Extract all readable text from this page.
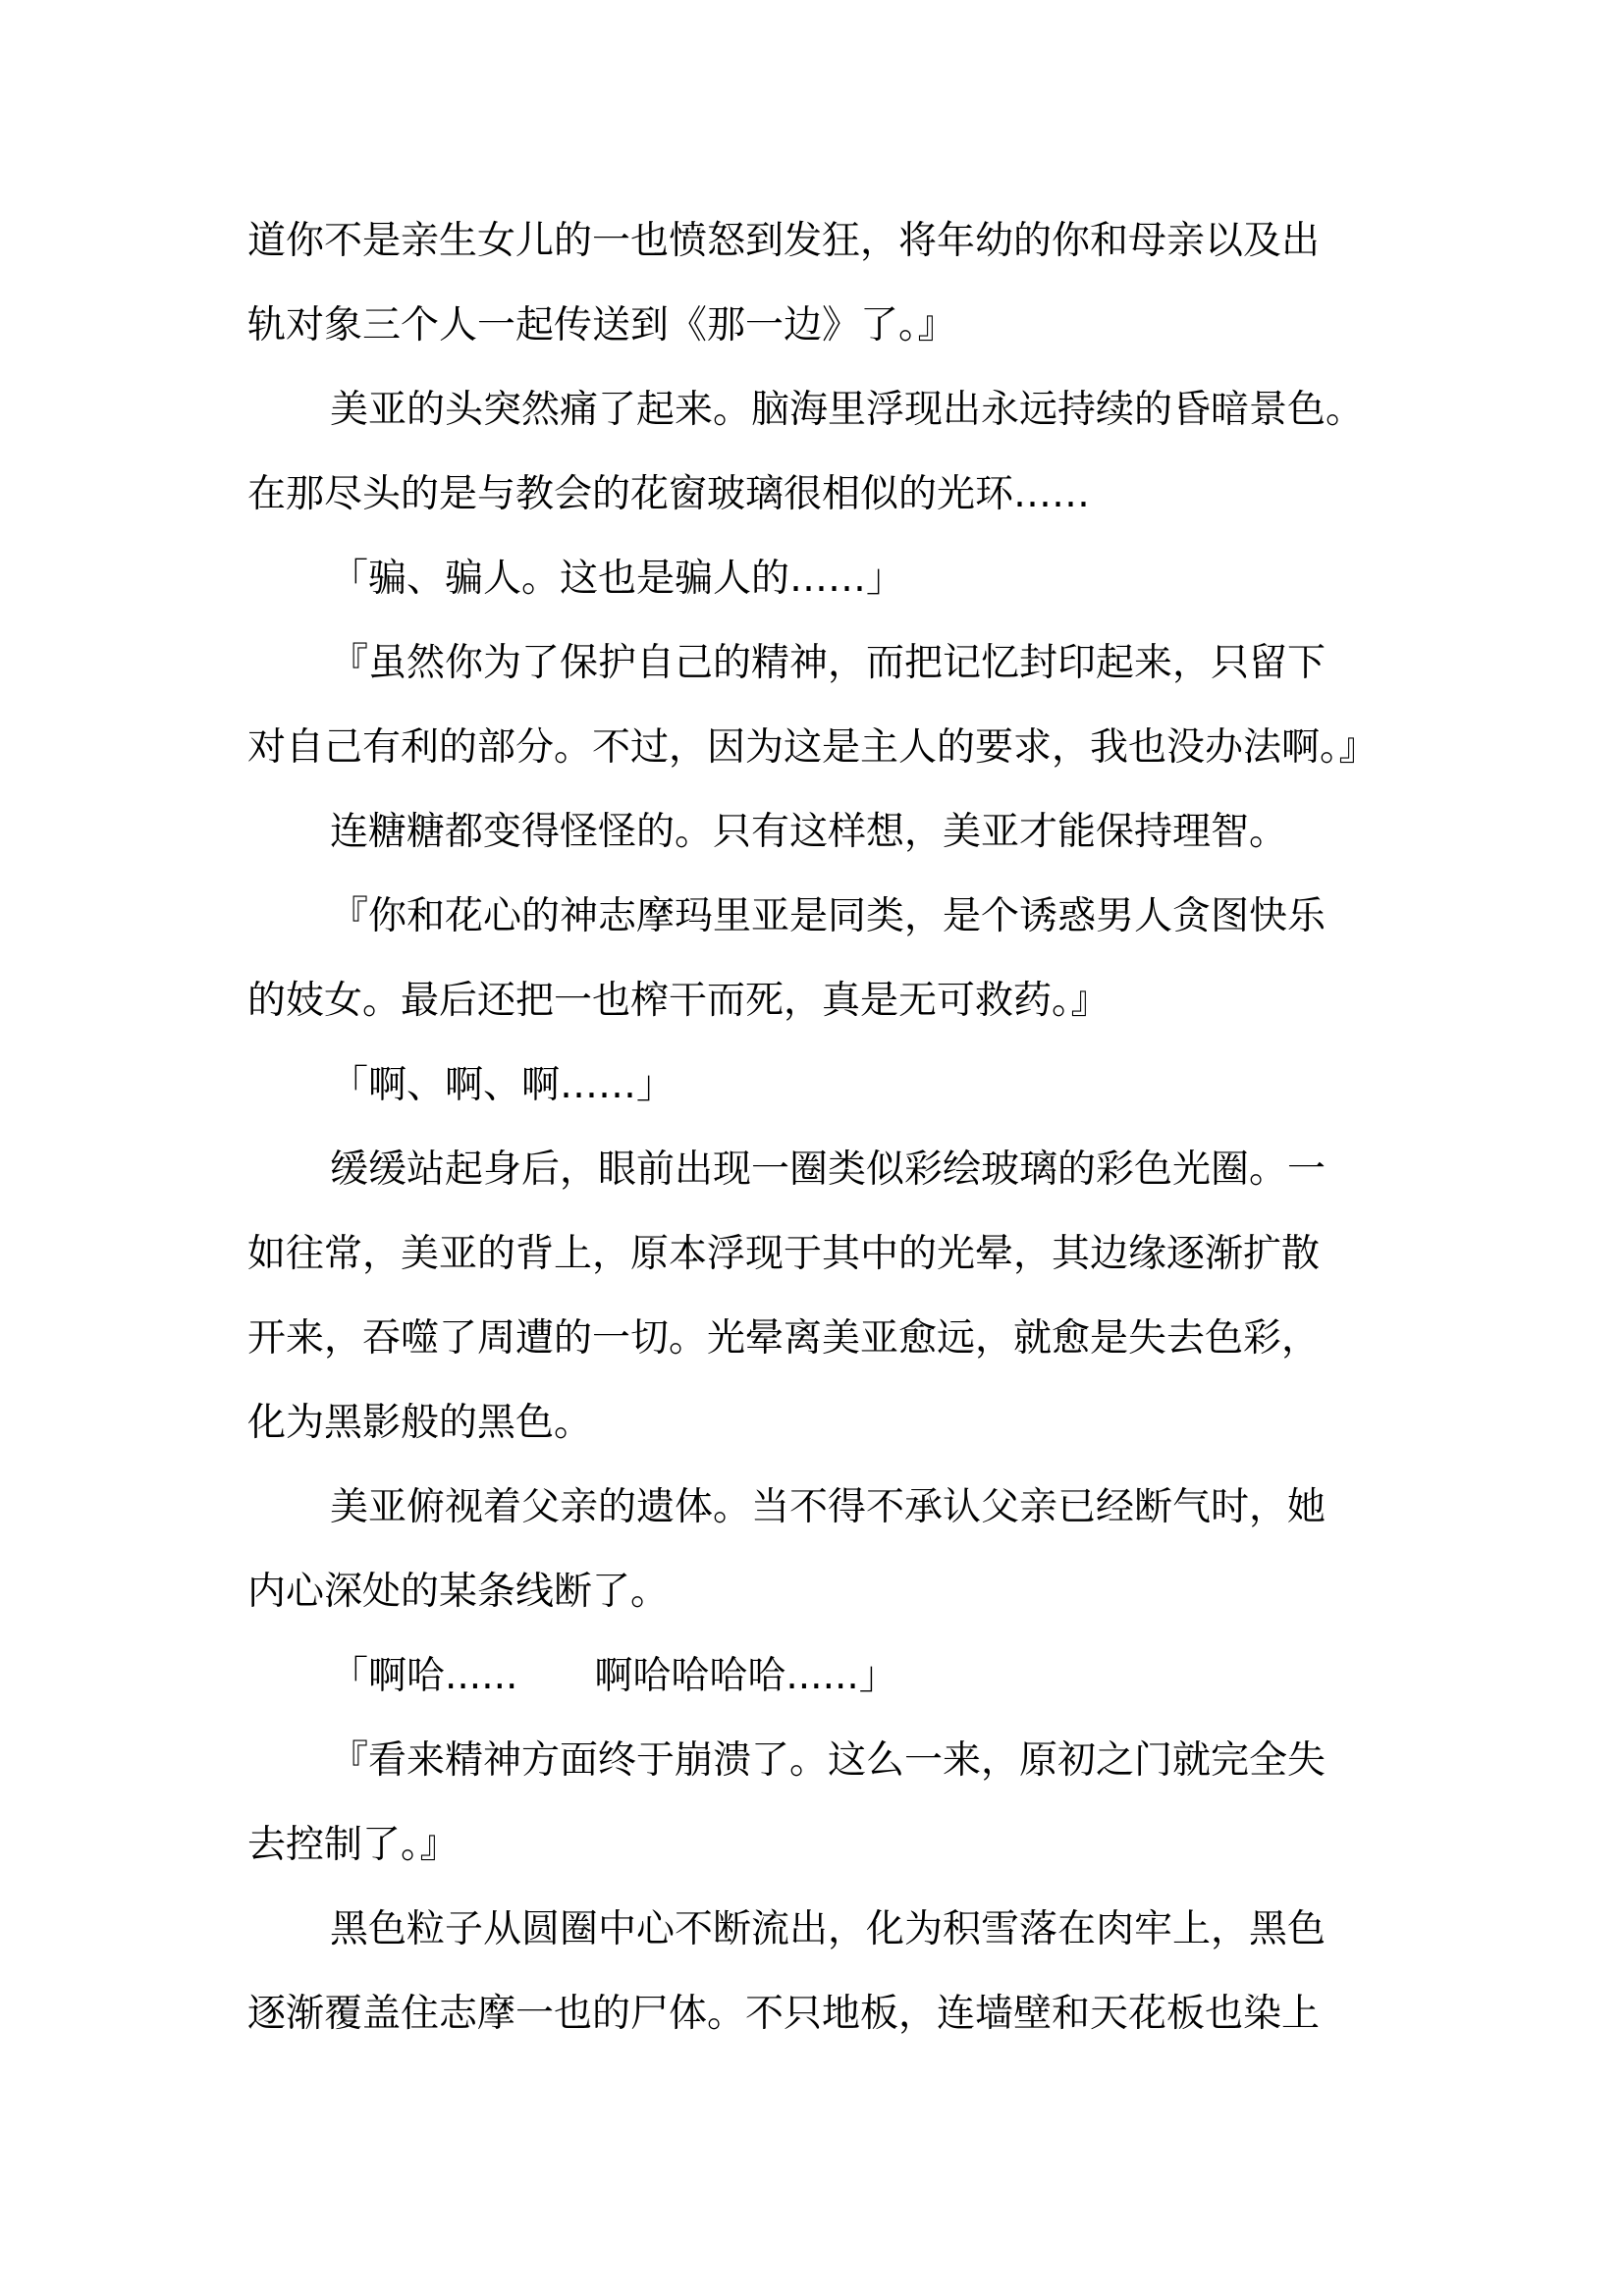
道你不是亲生女儿的一也愤怒到发狂，将年幼的你和母亲以及出
轨对象三个人一起传送到《那一边》了。』
美亚的头突然痛了起来。脑海里浮现出永远持续的昏暗景色。
在那尽头的是与教会的花窗玻璃很相似的光环……
「骗、骗人。这也是骗人的……」
『虽然你为了保护自己的精神，而把记忆封印起来，只留下
对自己有利的部分。不过，因为这是主人的要求，我也没办法啊。』
连糖糖都变得怪怪的。只有这样想，美亚才能保持理智。
『你和花心的神志摩玛里亚是同类，是个诱惑男人贪图快乐
的妓女。最后还把一也榨干而死，真是无可救药。』
「啊、啊、啊……」
缓缓站起身后，眼前出现一圈类似彩绘玻璃的彩色光圈。一
如往常，美亚的背上，原本浮现于其中的光晕，其边缘逐渐扩散
开来，吞噬了周遭的一切。光晕离美亚愈远，就愈是失去色彩，
化为黑影般的黑色。
美亚俯视着父亲的遗体。当不得不承认父亲已经断气时，她
内心深处的某条线断了。
「啊哈......　　啊哈哈哈哈......」
『看来精神方面终于崩溃了。这么一来，原初之门就完全失
去控制了。』
黑色粒子从圆圈中心不断流出，化为积雪落在肉牢上，黑色
逐渐覆盖住志摩一也的尸体。不只地板，连墙壁和天花板也染上
